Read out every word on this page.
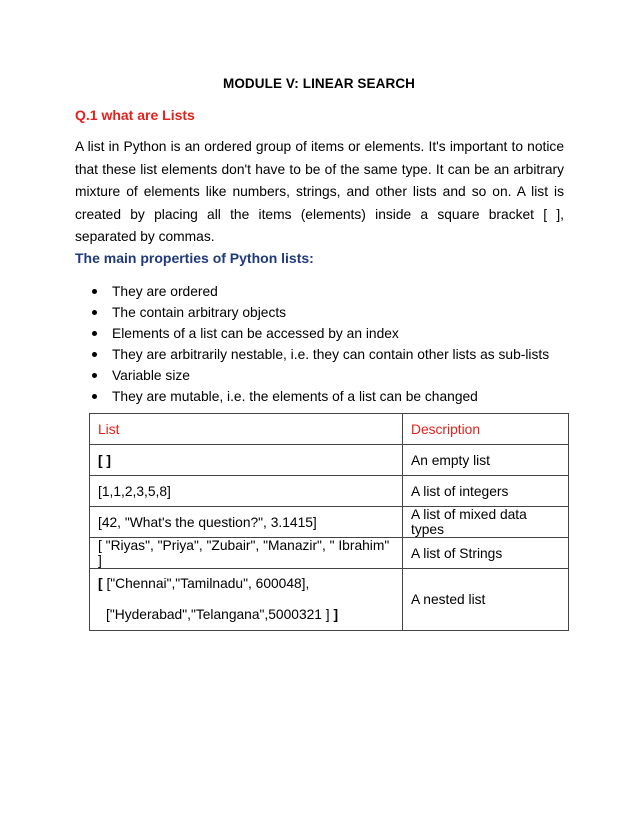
MODULE V: LINEAR SEARCH
Q.1 what are Lists
A list in Python is an ordered group of items or elements. It's important to notice that these list elements don't have to be of the same type. It can be an arbitrary mixture of elements like numbers, strings, and other lists and so on. A list is created by placing all the items (elements) inside a square bracket [ ], separated by commas.
The main properties of Python lists:
They are ordered
The contain arbitrary objects
Elements of a list can be accessed by an index
They are arbitrarily nestable, i.e. they can contain other lists as sub-lists
Variable size
They are mutable, i.e. the elements of a list can be changed
List	Description
[ ]	An empty list
[1,1,2,3,5,8]	A list of integers
[42, "What's the question?", 3.1415]	A list of mixed data types
[ "Riyas", "Priya", "Zubair", "Manazir", " Ibrahim" ]	A list of Strings

[ ["Chennai","Tamilnadu", 600048],
["Hyderabad","Telangana",5000321 ] ]	A nested list
